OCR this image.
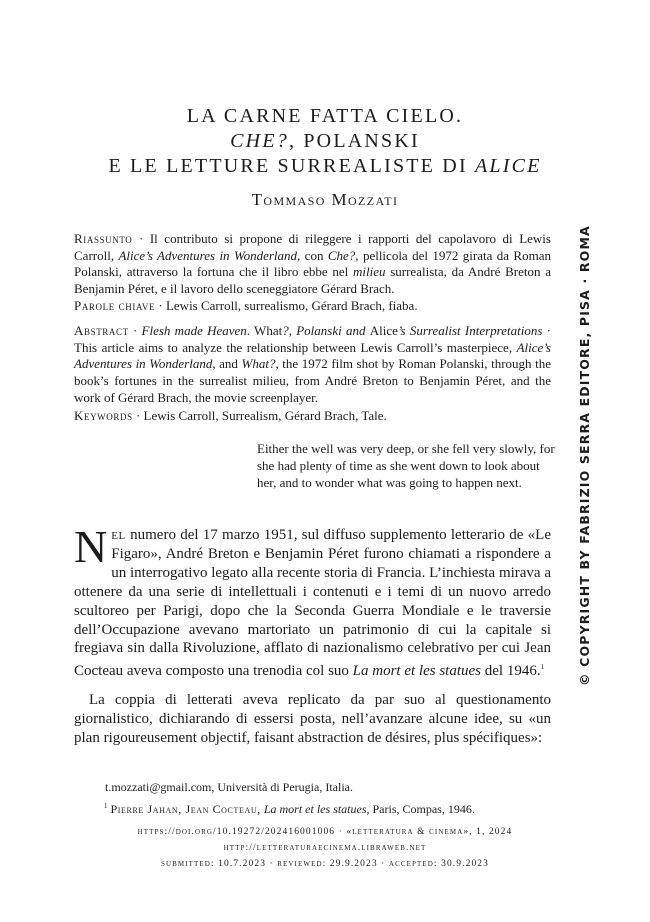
LA CARNE FATTA CIELO.
CHE?, POLANSKI
E LE LETTURE SURREALISTE DI ALICE
Tommaso Mozzati
Riassunto · Il contributo si propone di rileggere i rapporti del capolavoro di Lewis Carroll, Alice’s Adventures in Wonderland, con Che?, pellicola del 1972 girata da Roman Polanski, attraverso la fortuna che il libro ebbe nel milieu surrealista, da André Breton a Benjamin Péret, e il lavoro dello sceneggiatore Gérard Brach.
Parole chiave · Lewis Carroll, surrealismo, Gérard Brach, fiaba.
Abstract · Flesh made Heaven. What?, Polanski and Alice’s Surrealist Interpretations · This article aims to analyze the relationship between Lewis Carroll’s masterpiece, Alice’s Adventures in Wonderland, and What?, the 1972 film shot by Roman Polanski, through the book’s fortunes in the surrealist milieu, from André Breton to Benjamin Péret, and the work of Gérard Brach, the movie screenplayer.
Keywords · Lewis Carroll, Surrealism, Gérard Brach, Tale.
Either the well was very deep, or she fell very slowly, for she had plenty of time as she went down to look about her, and to wonder what was going to happen next.
Nel numero del 17 marzo 1951, sul diffuso supplemento letterario de «Le Figaro», André Breton e Benjamin Péret furono chiamati a rispondere a un interrogativo legato alla recente storia di Francia. L’inchiesta mirava a ottenere da una serie di intellettuali i contenuti e i temi di un nuovo arredo scultoreo per Parigi, dopo che la Seconda Guerra Mondiale e le traversie dell’Occupazione avevano martoriato un patrimonio di cui la capitale si fregiava sin dalla Rivoluzione, afflato di nazionalismo celebrativo per cui Jean Cocteau aveva composto una trenodia col suo La mort et les statues del 1946.$^1$
La coppia di letterati aveva replicato da par suo al questionamento giornalistico, dichiarando di essersi posta, nell’avanzare alcune idee, su «un plan rigoureusement objectif, faisant abstraction de désires, plus spécifiques»:
t.mozzati@gmail.com, Università di Perugia, Italia.
$^1$ Pierre Jahan, Jean Cocteau, La mort et les statues, Paris, Compas, 1946.
https://doi.org/10.19272/202416001006 · «letteratura & cinema», 1, 2024
http://letteraturaecinema.libraweb.net
submitted: 10.7.2023 · reviewed: 29.9.2023 · accepted: 30.9.2023
© COPYRIGHT BY FABRIZIO SERRA EDITORE, PISA · ROMA
